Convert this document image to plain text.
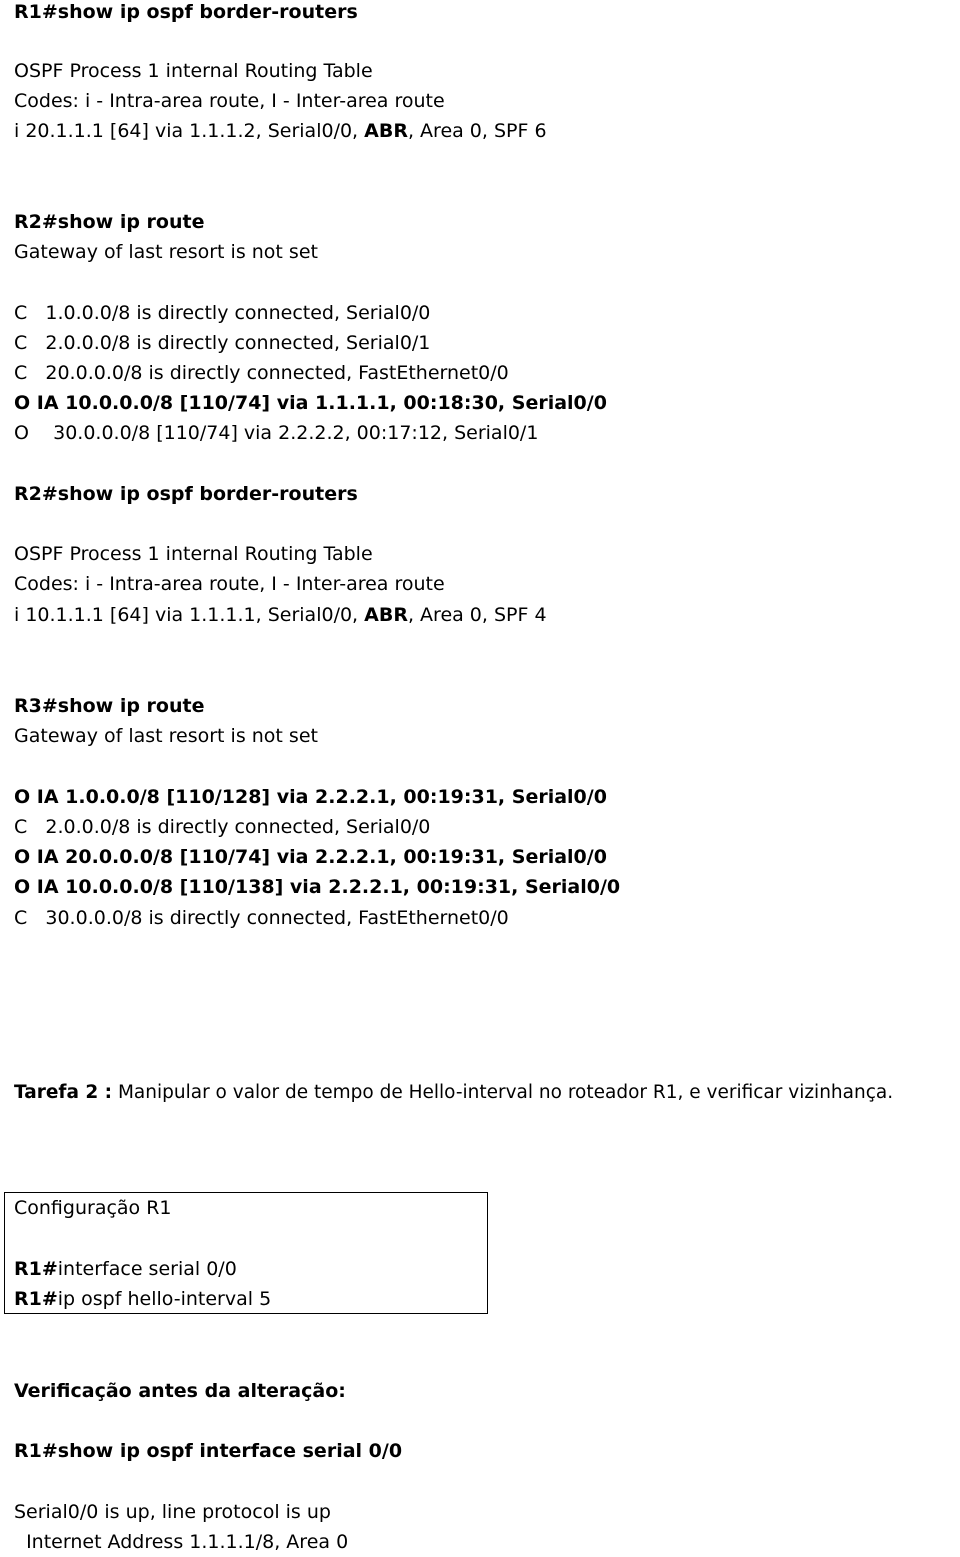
R1#show ip ospf border-routers
OSPF Process 1 internal Routing Table
Codes: i - Intra-area route, I - Inter-area route
i 20.1.1.1 [64] via 1.1.1.2, Serial0/0, ABR, Area 0, SPF 6
R2#show ip route
Gateway of last resort is not set
C   1.0.0.0/8 is directly connected, Serial0/0
C   2.0.0.0/8 is directly connected, Serial0/1
C   20.0.0.0/8 is directly connected, FastEthernet0/0
O IA 10.0.0.0/8 [110/74] via 1.1.1.1, 00:18:30, Serial0/0
O    30.0.0.0/8 [110/74] via 2.2.2.2, 00:17:12, Serial0/1
R2#show ip ospf border-routers
OSPF Process 1 internal Routing Table
Codes: i - Intra-area route, I - Inter-area route
i 10.1.1.1 [64] via 1.1.1.1, Serial0/0, ABR, Area 0, SPF 4
R3#show ip route
Gateway of last resort is not set
O IA 1.0.0.0/8 [110/128] via 2.2.2.1, 00:19:31, Serial0/0
C   2.0.0.0/8 is directly connected, Serial0/0
O IA 20.0.0.0/8 [110/74] via 2.2.2.1, 00:19:31, Serial0/0
O IA 10.0.0.0/8 [110/138] via 2.2.2.1, 00:19:31, Serial0/0
C   30.0.0.0/8 is directly connected, FastEthernet0/0
Tarefa 2 : Manipular o valor de tempo de Hello-interval no roteador R1, e verificar vizinhança.
Configuração R1
R1#interface serial 0/0
R1#ip ospf hello-interval 5
Verificação antes da alteração:
R1#show ip ospf interface serial 0/0
Serial0/0 is up, line protocol is up
Internet Address 1.1.1.1/8, Area 0
